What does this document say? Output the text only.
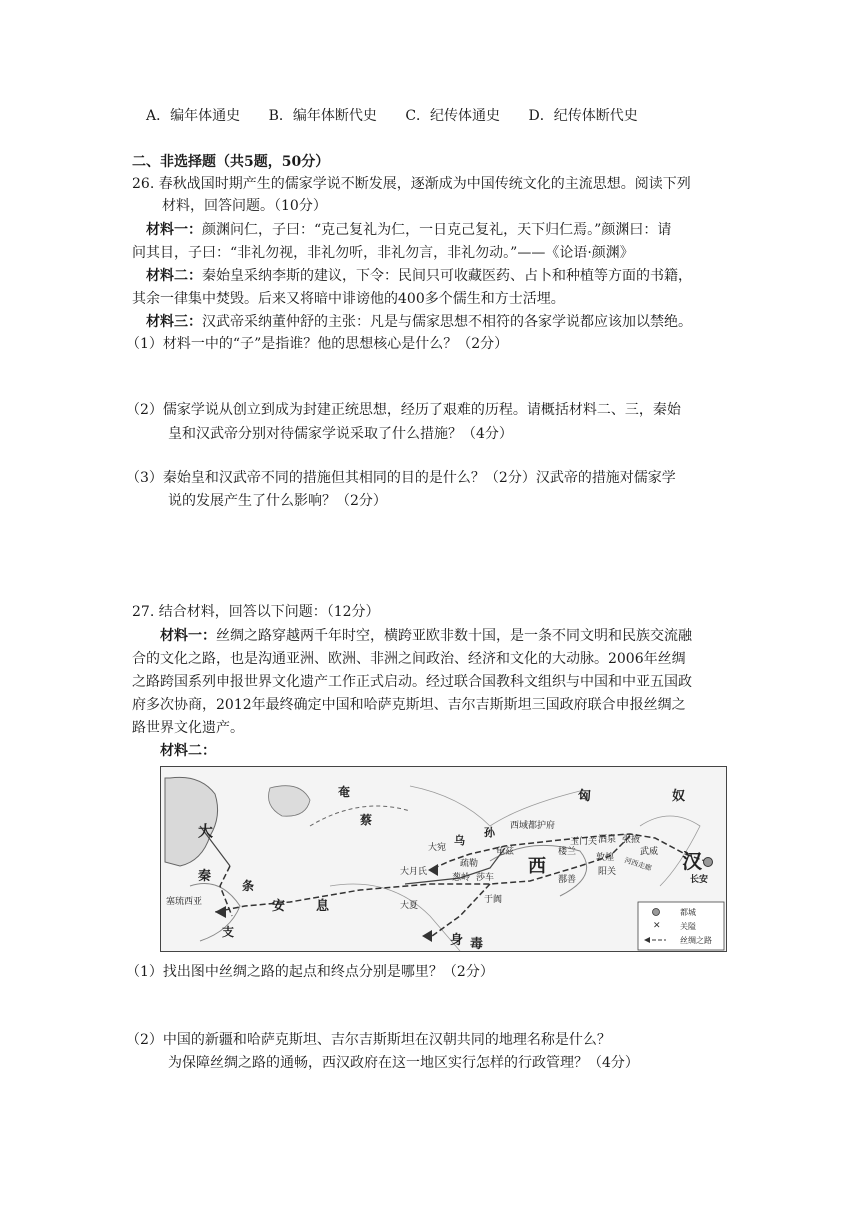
A．编年体通史 B．编年体断代史 C．纪传体通史 D．纪传体断代史
二、非选择题（共5题，50分）
26. 春秋战国时期产生的儒家学说不断发展，逐渐成为中国传统文化的主流思想。阅读下列
材料，回答问题。（10分）
材料一：颜渊问仁，子曰：“克己复礼为仁，一日克己复礼，天下归仁焉。”颜渊曰：请
问其目，子曰：“非礼勿视，非礼勿听，非礼勿言，非礼勿动。”——《论语·颜渊》
材料二：秦始皇采纳李斯的建议，下令：民间只可收藏医药、占卜和种植等方面的书籍，
其余一律集中焚毁。后来又将暗中诽谤他的400多个儒生和方士活埋。
材料三：汉武帝采纳董仲舒的主张：凡是与儒家思想不相符的各家学说都应该加以禁绝。
（1）材料一中的“子”是指谁？他的思想核心是什么？（2分）
（2）儒家学说从创立到成为封建正统思想，经历了艰难的历程。请概括材料二、三，秦始
皇和汉武帝分别对待儒家学说采取了什么措施？（4分）
（3）秦始皇和汉武帝不同的措施但其相同的目的是什么？（2分）汉武帝的措施对儒家学
说的发展产生了什么影响？（2分）
27. 结合材料，回答以下问题：（12分）
材料一：丝绸之路穿越两千年时空，横跨亚欧非数十国，是一条不同文明和民族交流融
合的文化之路，也是沟通亚洲、欧洲、非洲之间政治、经济和文化的大动脉。2006年丝绸
之路跨国系列申报世界文化遗产工作正式启动。经过联合国教科文组织与中国和中亚五国政
府多次协商，2012年最终确定中国和哈萨克斯坦、吉尔吉斯斯坦三国政府联合申报丝绸之
路世界文化遗产。
材料二：
✕
匈	奴
汉
西
安 息
身 毒
奄
蔡
乌
孙
大
秦
条
支
西域都护府
龟兹	楼兰
玉门关 酒泉 张掖
武威
敦煌
阳关
鄯善
河西走廊
长安
大宛
疏勒
葱岭 莎车
于阗
大月氏
大夏
塞琉西亚
都城
关隘
丝绸之路
（1）找出图中丝绸之路的起点和终点分别是哪里？（2分）
（2）中国的新疆和哈萨克斯坦、吉尔吉斯斯坦在汉朝共同的地理名称是什么？
为保障丝绸之路的通畅，西汉政府在这一地区实行怎样的行政管理？（4分）
